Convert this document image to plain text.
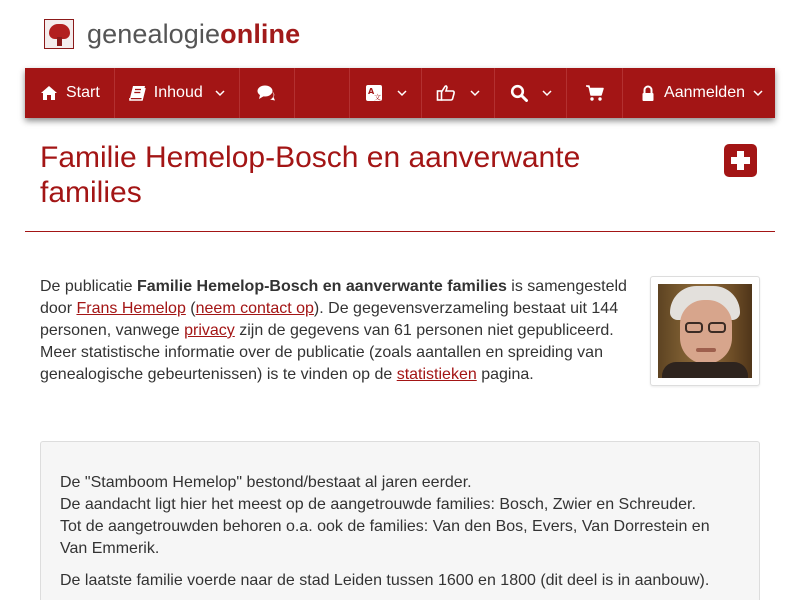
genealogieonline
Start	Inhoud	A
文	Aanmelden
Familie Hemelop-Bosch en aanverwante families
De publicatie Familie Hemelop-Bosch en aanverwante families is samengesteld door Frans Hemelop (neem contact op). De gegevensverzameling bestaat uit 144 personen, vanwege privacy zijn de gegevens van 61 personen niet gepubliceerd. Meer statistische informatie over de publicatie (zoals aantallen en spreiding van genealogische gebeurtenissen) is te vinden op de statistieken pagina.

De "Stamboom Hemelop" bestond/bestaat al jaren eerder.
De aandacht ligt hier het meest op de aangetrouwde families: Bosch, Zwier en Schreuder.
Tot de aangetrouwden behoren o.a. ook de families: Van den Bos, Evers, Van Dorrestein en Van Emmerik.

De laatste familie voerde naar de stad Leiden tussen 1600 en 1800 (dit deel is in aanbouw).
